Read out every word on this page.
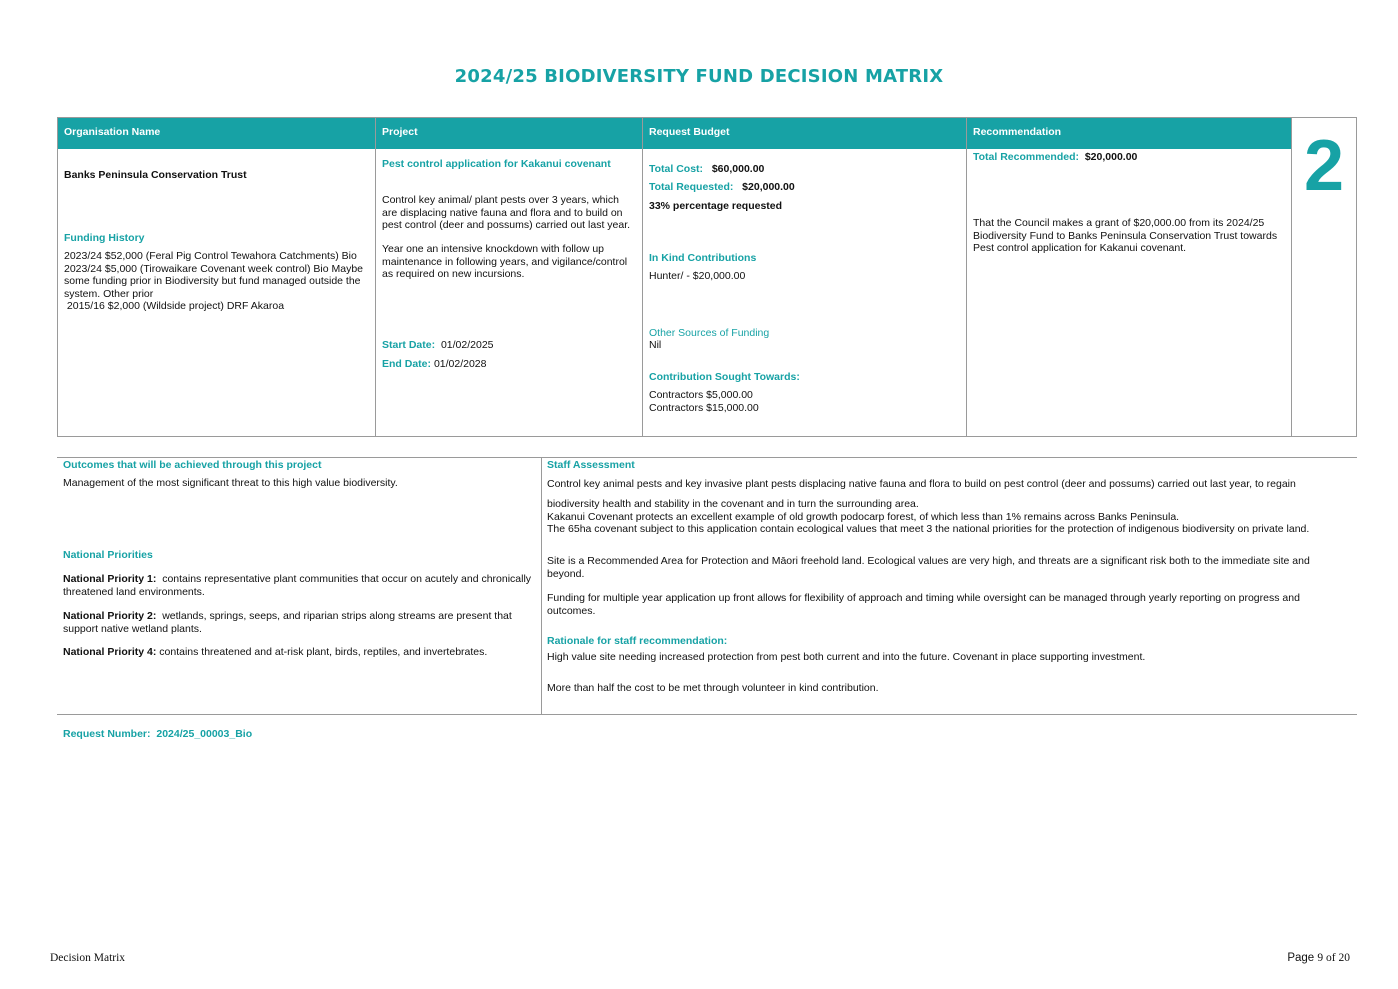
2024/25 BIODIVERSITY FUND DECISION MATRIX
Organisation Name
Banks Peninsula Conservation Trust
Funding History
2023/24 $52,000 (Feral Pig Control Tewahora Catchments) Bio
2023/24 $5,000 (Tirowaikare Covenant week control) Bio Maybe
some funding prior in Biodiversity but fund managed outside the
system. Other prior
2015/16 $2,000 (Wildside project) DRF Akaroa
Project
Pest control application for Kakanui covenant
Control key animal/ plant pests over 3 years, which
are displacing native fauna and flora and to build on
pest control (deer and possums) carried out last year.
Year one an intensive knockdown with follow up
maintenance in following years, and vigilance/control
as required on new incursions.
Start Date: 01/02/2025
End Date: 01/02/2028
Request Budget
Total Cost: $60,000.00
Total Requested: $20,000.00
33% percentage requested
In Kind Contributions
Hunter/ - $20,000.00
Other Sources of Funding
Nil
Contribution Sought Towards:
Contractors $5,000.00
Contractors $15,000.00
Recommendation
Total Recommended: $20,000.00
That the Council makes a grant of $20,000.00 from its 2024/25
Biodiversity Fund to Banks Peninsula Conservation Trust towards
Pest control application for Kakanui covenant.
2
Outcomes that will be achieved through this project
Management of the most significant threat to this high value biodiversity.
National Priorities
National Priority 1:  contains representative plant communities that occur on acutely and chronically
threatened land environments.
National Priority 2:  wetlands, springs, seeps, and riparian strips along streams are present that
support native wetland plants.
National Priority 4: contains threatened and at-risk plant, birds, reptiles, and invertebrates.
Staff Assessment
Control key animal pests and key invasive plant pests displacing native fauna and flora to build on pest control (deer and possums) carried out last year, to regain
biodiversity health and stability in the covenant and in turn the surrounding area.
Kakanui Covenant protects an excellent example of old growth podocarp forest, of which less than 1% remains across Banks Peninsula.
The 65ha covenant subject to this application contain ecological values that meet 3 the national priorities for the protection of indigenous biodiversity on private land.
Site is a Recommended Area for Protection and Māori freehold land. Ecological values are very high, and threats are a significant risk both to the immediate site and
beyond.
Funding for multiple year application up front allows for flexibility of approach and timing while oversight can be managed through yearly reporting on progress and
outcomes.
Rationale for staff recommendation:
High value site needing increased protection from pest both current and into the future. Covenant in place supporting investment.
More than half the cost to be met through volunteer in kind contribution.
Request Number: 2024/25_00003_Bio
Decision Matrix	Page 9 of 20
